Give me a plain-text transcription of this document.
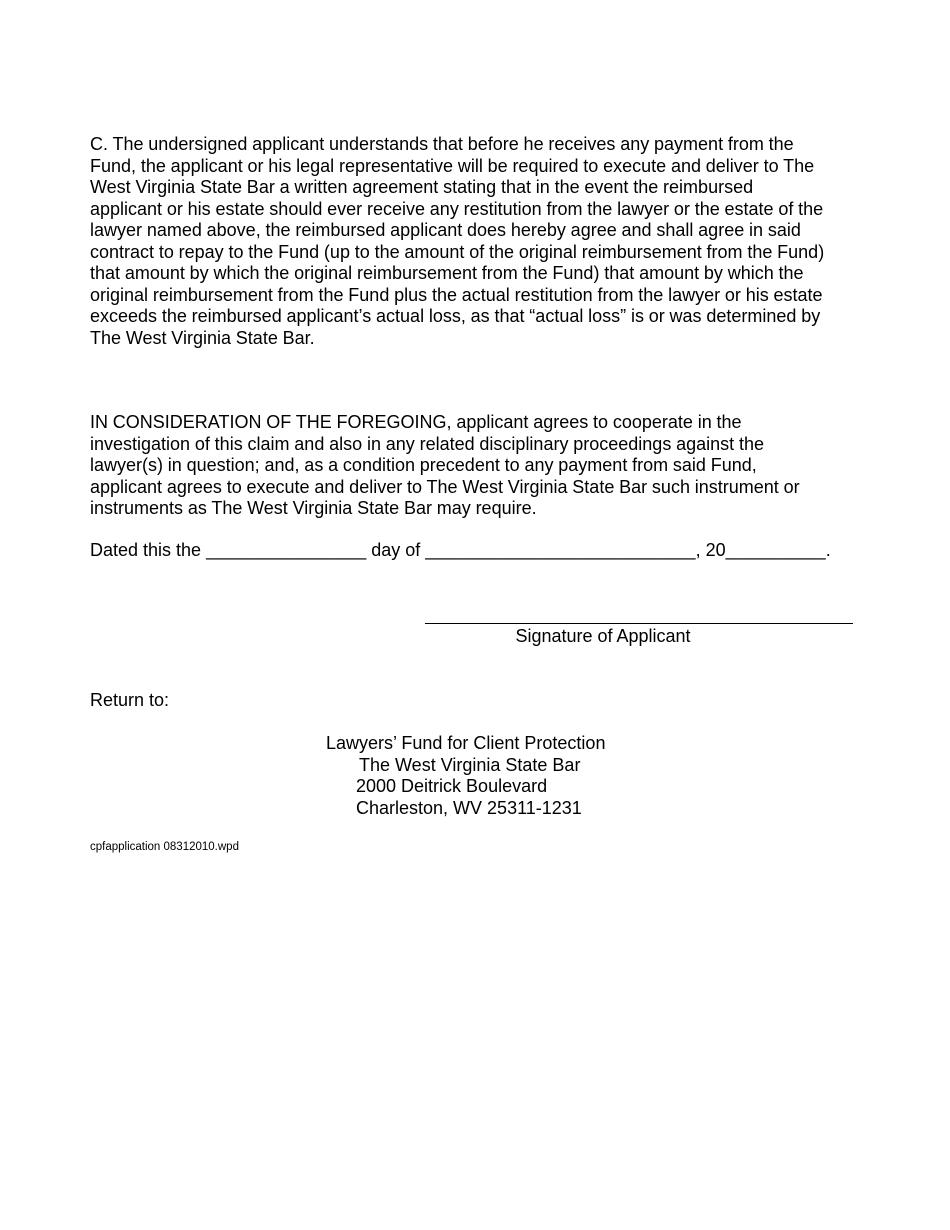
C. The undersigned applicant understands that before he receives any payment from the
Fund, the applicant or his legal representative will be required to execute and deliver to The
West Virginia State Bar a written agreement stating that in the event the reimbursed
applicant or his estate should ever receive any restitution from the lawyer or the estate of the
lawyer named above, the reimbursed applicant does hereby agree and shall agree in said
contract to repay to the Fund (up to the amount of the original reimbursement from the Fund)
that amount by which the original reimbursement from the Fund) that amount by which the
original reimbursement from the Fund plus the actual restitution from the lawyer or his estate
exceeds the reimbursed applicant’s actual loss, as that “actual loss” is or was determined by
The West Virginia State Bar.
IN CONSIDERATION OF THE FOREGOING, applicant agrees to cooperate in the
investigation of this claim and also in any related disciplinary proceedings against the
lawyer(s) in question; and, as a condition precedent to any payment from said Fund,
applicant agrees to execute and deliver to The West Virginia State Bar such instrument or
instruments as The West Virginia State Bar may require.
Dated this the ________________ day of ___________________________, 20__________.
Signature of Applicant
Return to:
Lawyers’ Fund for Client Protection
The West Virginia State Bar
2000 Deitrick Boulevard
Charleston, WV 25311-1231
cpfapplication 08312010.wpd
